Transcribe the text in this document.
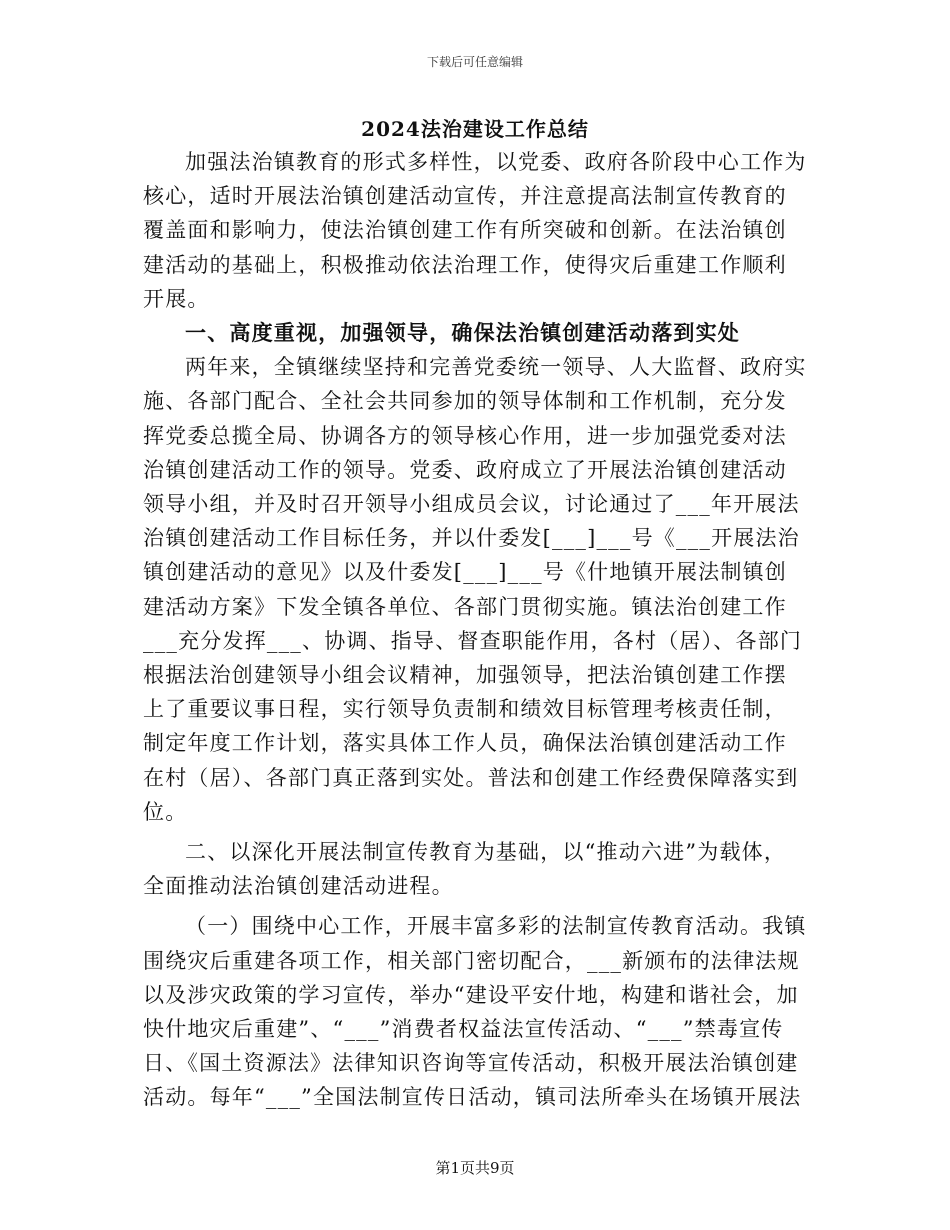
下载后可任意编辑
2024法治建设工作总结

加强法治镇教育的形式多样性，以党委、政府各阶段中心工作为核心，适时开展法治镇创建活动宣传，并注意提高法制宣传教育的覆盖面和影响力，使法治镇创建工作有所突破和创新。在法治镇创建活动的基础上，积极推动依法治理工作，使得灾后重建工作顺利开展。

一、高度重视，加强领导，确保法治镇创建活动落到实处

两年来，全镇继续坚持和完善党委统一领导、人大监督、政府实施、各部门配合、全社会共同参加的领导体制和工作机制，充分发挥党委总揽全局、协调各方的领导核心作用，进一步加强党委对法治镇创建活动工作的领导。党委、政府成立了开展法治镇创建活动领导小组，并及时召开领导小组成员会议，讨论通过了___年开展法治镇创建活动工作目标任务，并以什委发[___]___号《___开展法治镇创建活动的意见》以及什委发[___]___号《什地镇开展法制镇创建活动方案》下发全镇各单位、各部门贯彻实施。镇法治创建工作___充分发挥___、协调、指导、督查职能作用，各村（居）、各部门根据法治创建领导小组会议精神，加强领导，把法治镇创建工作摆上了重要议事日程，实行领导负责制和绩效目标管理考核责任制，制定年度工作计划，落实具体工作人员，确保法治镇创建活动工作在村（居）、各部门真正落到实处。普法和创建工作经费保障落实到位。

二、以深化开展法制宣传教育为基础，以“推动六进”为载体，全面推动法治镇创建活动进程。

（一）围绕中心工作，开展丰富多彩的法制宣传教育活动。我镇围绕灾后重建各项工作，相关部门密切配合，___新颁布的法律法规以及涉灾政策的学习宣传，举办“建设平安什地，构建和谐社会，加快什地灾后重建”、“___”消费者权益法宣传活动、“___”禁毒宣传日、《国土资源法》法律知识咨询等宣传活动，积极开展法治镇创建活动。每年“___”全国法制宣传日活动，镇司法所牵头在场镇开展法

第1页共9页
